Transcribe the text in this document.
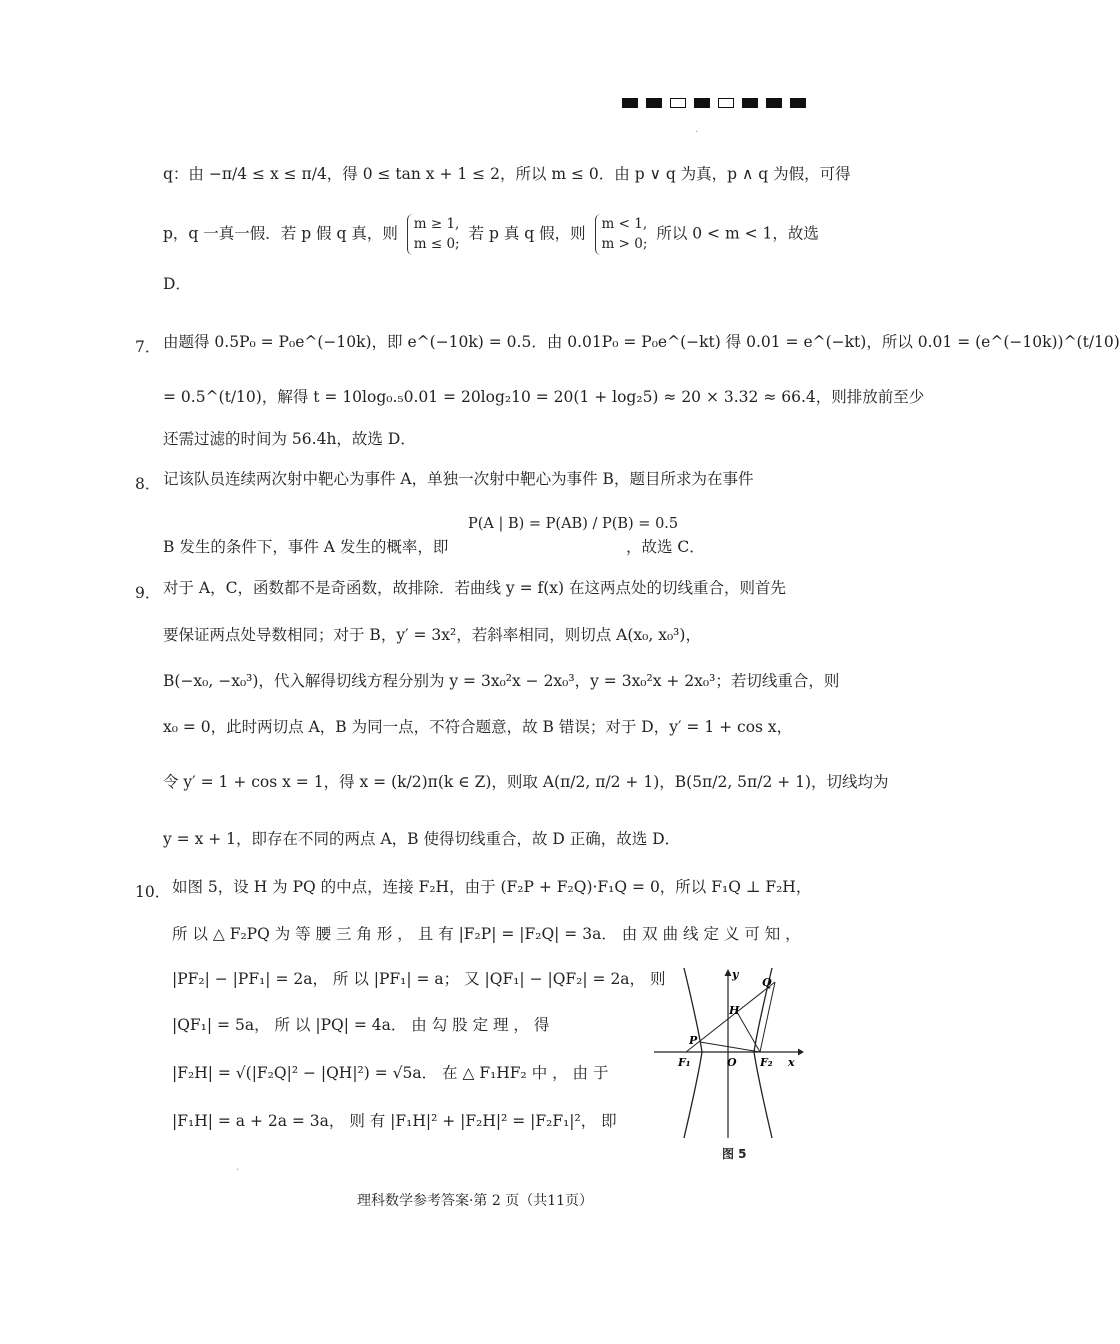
.
q：由 −π/4 ≤ x ≤ π/4，得 0 ≤ tan x + 1 ≤ 2，所以 m ≤ 0．由 p ∨ q 为真，p ∧ q 为假，可得
p，q 一真一假．若 p 假 q 真，则
m ≥ 1,
m ≤ 0;
若 p 真 q 假，则
m < 1,
m > 0;
所以 0 < m < 1，故选
D．
7． 由题得 0.5P₀ = P₀e^(−10k)，即 e^(−10k) = 0.5．由 0.01P₀ = P₀e^(−kt) 得 0.01 = e^(−kt)，所以 0.01 = (e^(−10k))^(t/10)
= 0.5^(t/10)，解得 t = 10log₀.₅0.01 = 20log₂10 = 20(1 + log₂5) ≈ 20 × 3.32 ≈ 66.4，则排放前至少
还需过滤的时间为 56.4h，故选 D．
8． 记该队员连续两次射中靶心为事件 A，单独一次射中靶心为事件 B，题目所求为在事件
P(A | B) = P(AB) / P(B) = 0.5
B 发生的条件下，事件 A 发生的概率，即	，故选 C．
9． 对于 A，C，函数都不是奇函数，故排除．若曲线 y = f(x) 在这两点处的切线重合，则首先
要保证两点处导数相同；对于 B，y′ = 3x²，若斜率相同，则切点 A(x₀, x₀³)，
B(−x₀, −x₀³)，代入解得切线方程分别为 y = 3x₀²x − 2x₀³，y = 3x₀²x + 2x₀³；若切线重合，则
x₀ = 0，此时两切点 A，B 为同一点，不符合题意，故 B 错误；对于 D，y′ = 1 + cos x，
令 y′ = 1 + cos x = 1，得 x = (k/2)π(k ∈ Z)，则取 A(π/2, π/2 + 1)，B(5π/2, 5π/2 + 1)，切线均为
y = x + 1，即存在不同的两点 A，B 使得切线重合，故 D 正确，故选 D．
10． 如图 5，设 H 为 PQ 的中点，连接 F₂H，由于 (F₂P + F₂Q)·F₁Q = 0，所以 F₁Q ⊥ F₂H，
所 以 △ F₂PQ 为 等 腰 三 角 形 ， 且 有 |F₂P| = |F₂Q| = 3a． 由 双 曲 线 定 义 可 知 ，
|PF₂| − |PF₁| = 2a， 所 以 |PF₁| = a； 又 |QF₁| − |QF₂| = 2a， 则
|QF₁| = 5a， 所 以 |PQ| = 4a． 由 勾 股 定 理 ， 得
|F₂H| = √(|F₂Q|² − |QH|²) = √5a． 在 △ F₁HF₂ 中 ， 由 于
|F₁H| = a + 2a = 3a， 则 有 |F₁H|² + |F₂H|² = |F₂F₁|²， 即
y
x
Q
H
P
F₁	O F₂
图 5
.
理科数学参考答案·第 2 页（共11页）
